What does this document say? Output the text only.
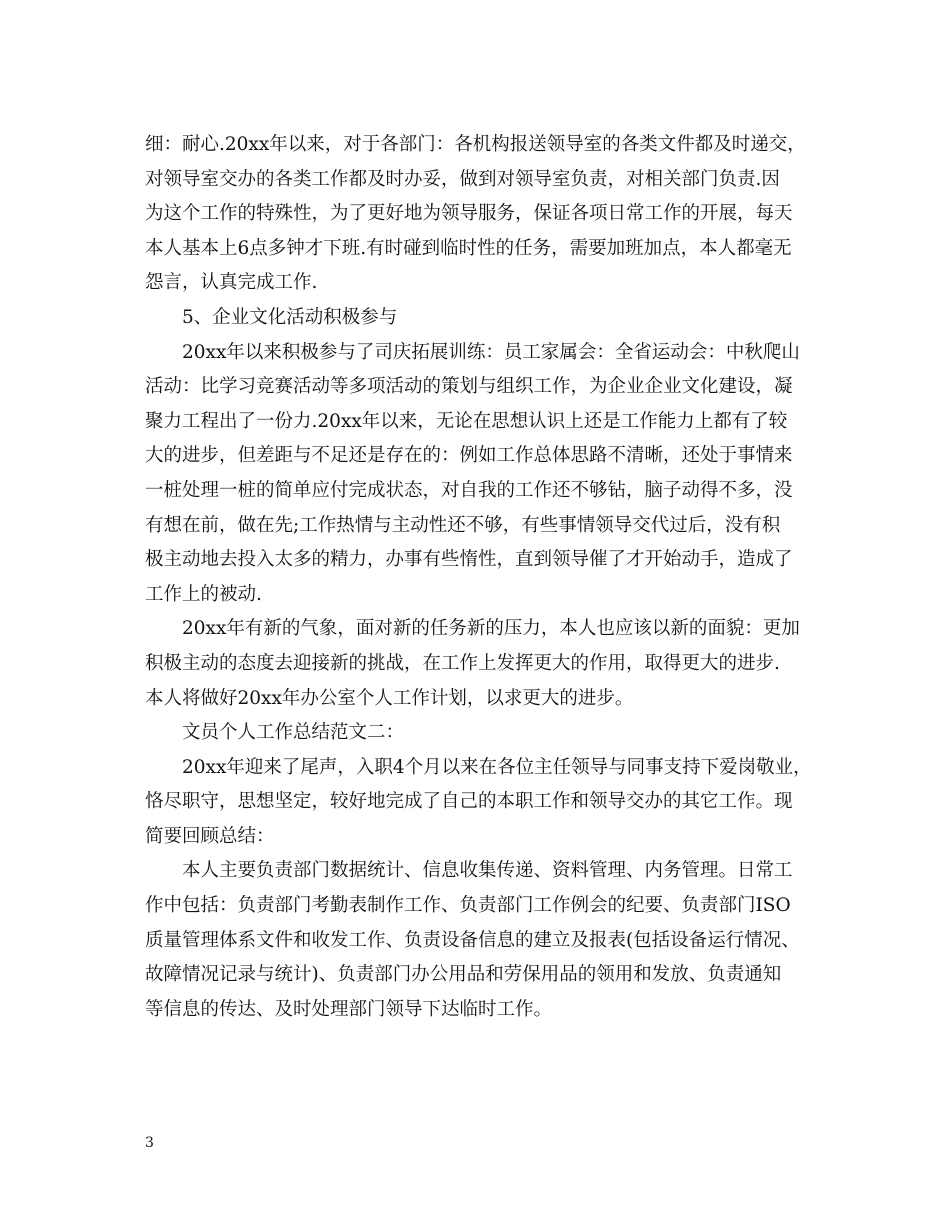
细：耐心.20xx年以来，对于各部门：各机构报送领导室的各类文件都及时递交，
对领导室交办的各类工作都及时办妥，做到对领导室负责，对相关部门负责.因
为这个工作的特殊性，为了更好地为领导服务，保证各项日常工作的开展，每天
本人基本上6点多钟才下班.有时碰到临时性的任务，需要加班加点，本人都毫无
怨言，认真完成工作.
5、企业文化活动积极参与
20xx年以来积极参与了司庆拓展训练：员工家属会：全省运动会：中秋爬山
活动：比学习竞赛活动等多项活动的策划与组织工作，为企业企业文化建设，凝
聚力工程出了一份力.20xx年以来，无论在思想认识上还是工作能力上都有了较
大的进步，但差距与不足还是存在的：例如工作总体思路不清晰，还处于事情来
一桩处理一桩的简单应付完成状态，对自我的工作还不够钻，脑子动得不多，没
有想在前，做在先;工作热情与主动性还不够，有些事情领导交代过后，没有积
极主动地去投入太多的精力，办事有些惰性，直到领导催了才开始动手，造成了
工作上的被动.
20xx年有新的气象，面对新的任务新的压力，本人也应该以新的面貌：更加
积极主动的态度去迎接新的挑战，在工作上发挥更大的作用，取得更大的进步.
本人将做好20xx年办公室个人工作计划，以求更大的进步。
文员个人工作总结范文二：
20xx年迎来了尾声，入职4个月以来在各位主任领导与同事支持下爱岗敬业，
恪尽职守，思想坚定，较好地完成了自己的本职工作和领导交办的其它工作。现
简要回顾总结：
本人主要负责部门数据统计、信息收集传递、资料管理、内务管理。日常工
作中包括：负责部门考勤表制作工作、负责部门工作例会的纪要、负责部门ISO
质量管理体系文件和收发工作、负责设备信息的建立及报表(包括设备运行情况、
故障情况记录与统计)、负责部门办公用品和劳保用品的领用和发放、负责通知
等信息的传达、及时处理部门领导下达临时工作。
3
